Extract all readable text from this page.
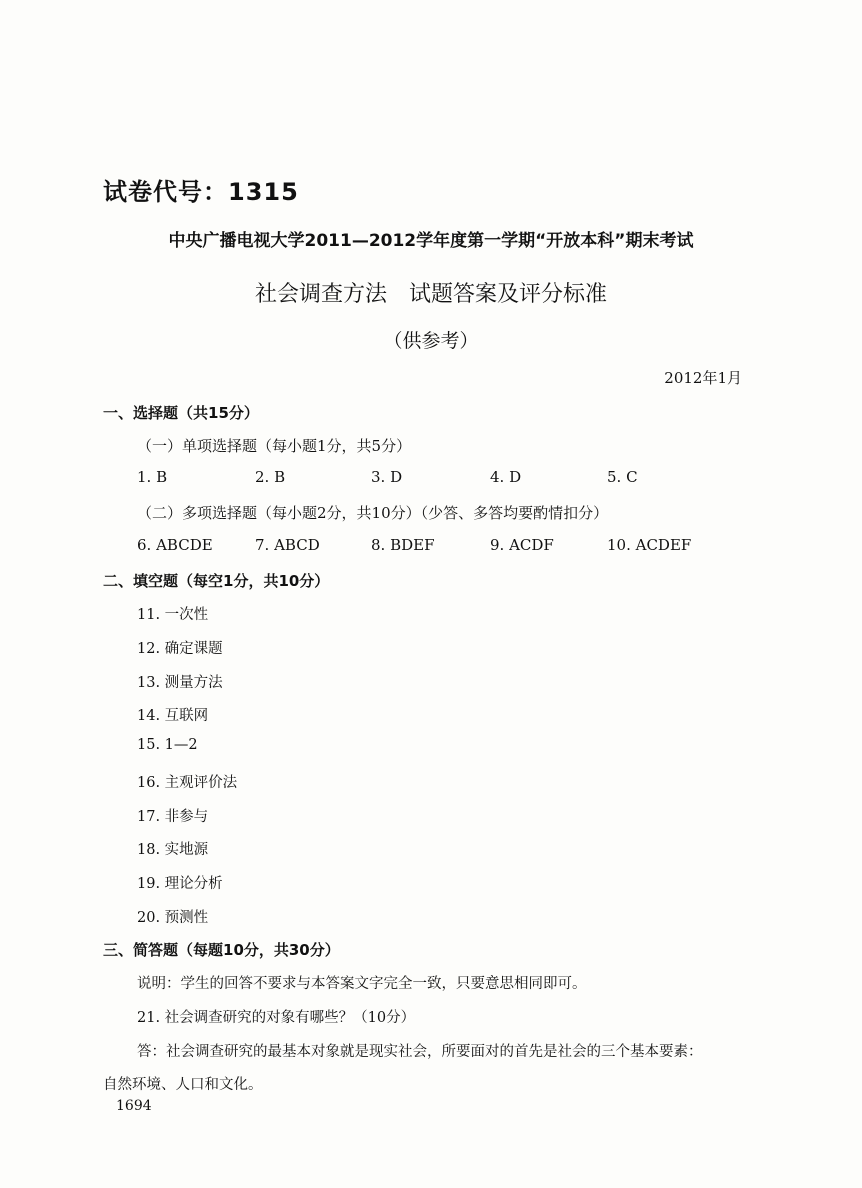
试卷代号：1315
中央广播电视大学2011—2012学年度第一学期“开放本科”期末考试
社会调查方法　试题答案及评分标准
（供参考）
2012年1月
一、选择题（共15分）
（一）单项选择题（每小题1分，共5分）
1. B	2. B	3. D	4. D	5. C
（二）多项选择题（每小题2分，共10分）（少答、多答均要酌情扣分）
6. ABCDE	7. ABCD	8. BDEF	9. ACDF	10. ACDEF
二、填空题（每空1分，共10分）
11. 一次性
12. 确定课题
13. 测量方法
14. 互联网
15. 1—2
16. 主观评价法
17. 非参与
18. 实地源
19. 理论分析
20. 预测性
三、简答题（每题10分，共30分）
说明：学生的回答不要求与本答案文字完全一致，只要意思相同即可。
21. 社会调查研究的对象有哪些？（10分）
答：社会调查研究的最基本对象就是现实社会，所要面对的首先是社会的三个基本要素：
自然环境、人口和文化。
1694
